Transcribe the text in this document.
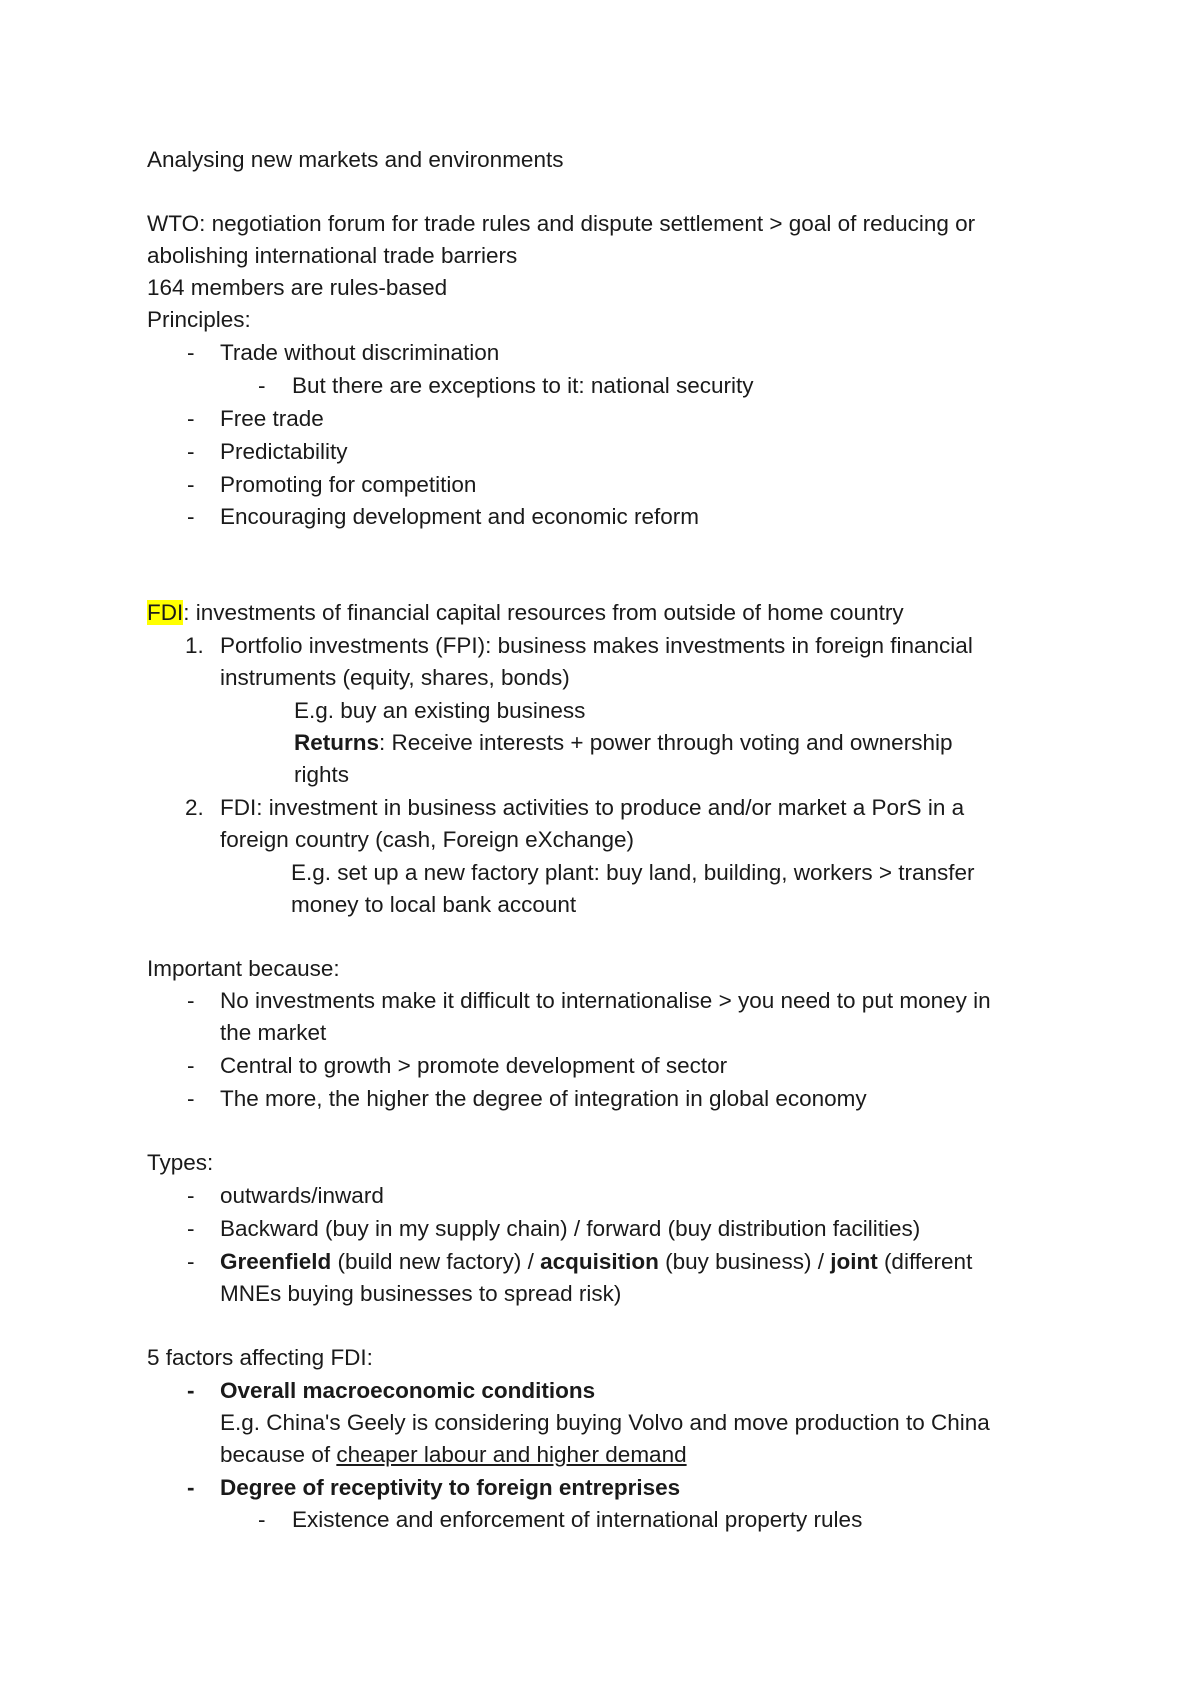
Analysing new markets and environments
WTO: negotiation forum for trade rules and dispute settlement > goal of reducing or
abolishing international trade barriers
164 members are rules-based
Principles:
- Trade without discrimination
- But there are exceptions to it: national security
- Free trade
- Predictability
- Promoting for competition
- Encouraging development and economic reform
FDI: investments of financial capital resources from outside of home country
1. Portfolio investments (FPI): business makes investments in foreign financial
instruments (equity, shares, bonds)
E.g. buy an existing business
Returns: Receive interests + power through voting and ownership
rights
2. FDI: investment in business activities to produce and/or market a PorS in a
foreign country (cash, Foreign eXchange)
E.g. set up a new factory plant: buy land, building, workers > transfer
money to local bank account
Important because:
- No investments make it difficult to internationalise > you need to put money in
the market
- Central to growth > promote development of sector
- The more, the higher the degree of integration in global economy
Types:
- outwards/inward
- Backward (buy in my supply chain) / forward (buy distribution facilities)
- Greenfield (build new factory) / acquisition (buy business) / joint (different
MNEs buying businesses to spread risk)
5 factors affecting FDI:
- Overall macroeconomic conditions
E.g. China's Geely is considering buying Volvo and move production to China
because of cheaper labour and higher demand
- Degree of receptivity to foreign entreprises
- Existence and enforcement of international property rules
